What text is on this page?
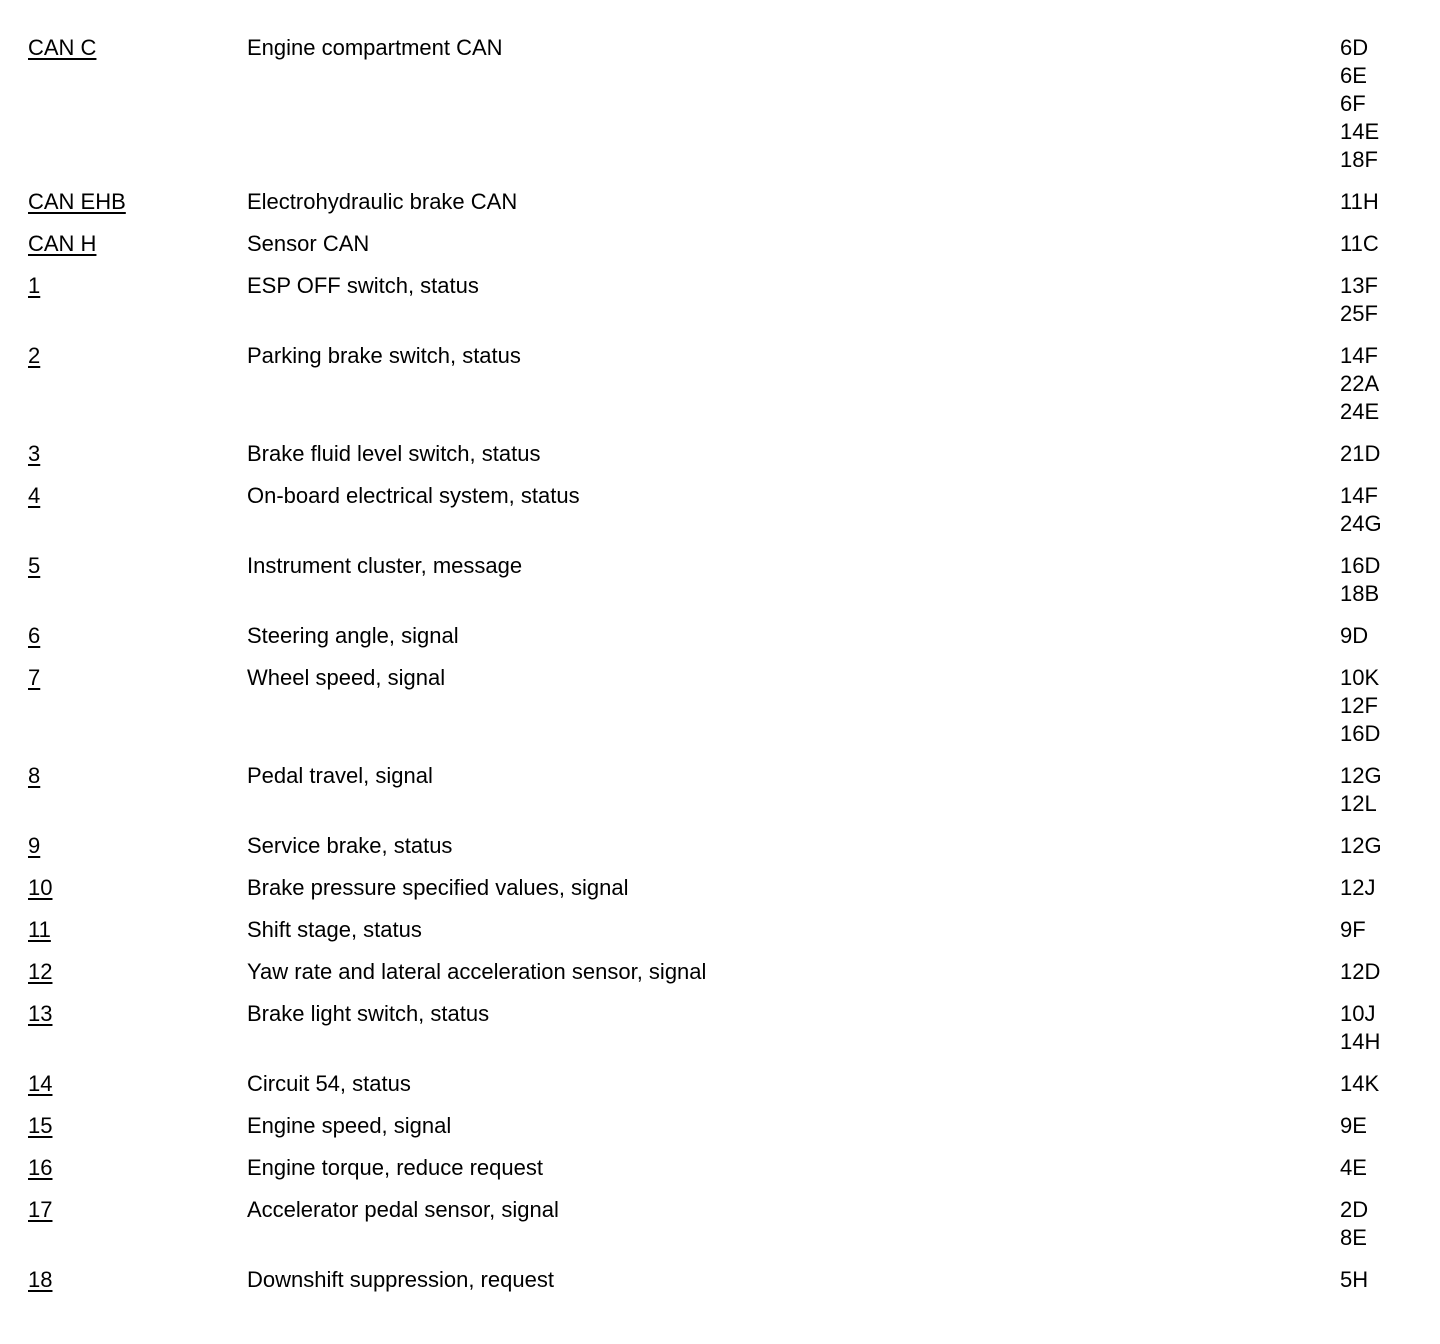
CAN C	Engine compartment CAN	6D
6E
6F
14E
18F
CAN EHB	Electrohydraulic brake CAN	11H
CAN H	Sensor CAN	11C
1	ESP OFF switch, status	13F
25F
2	Parking brake switch, status	14F
22A
24E
3	Brake fluid level switch, status	21D
4	On-board electrical system, status	14F
24G
5	Instrument cluster, message	16D
18B
6	Steering angle, signal	9D
7	Wheel speed, signal	10K
12F
16D
8	Pedal travel, signal	12G
12L
9	Service brake, status	12G
10	Brake pressure specified values, signal	12J
11	Shift stage, status	9F
12	Yaw rate and lateral acceleration sensor, signal	12D
13	Brake light switch, status	10J
14H
14	Circuit 54, status	14K
15	Engine speed, signal	9E
16	Engine torque, reduce request	4E
17	Accelerator pedal sensor, signal	2D
8E
18	Downshift suppression, request	5H
